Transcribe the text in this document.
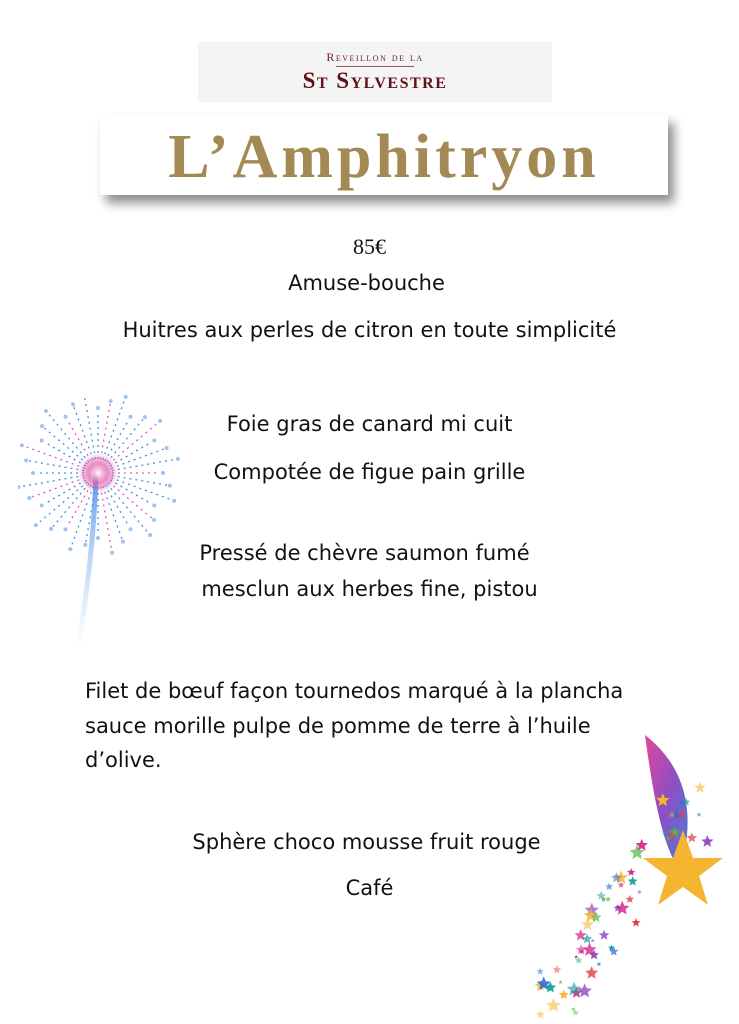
Reveillon de la
St Sylvestre
L’Amphitryon
85€
Amuse-bouche
Huitres aux perles de citron en toute simplicité
Foie gras de canard mi cuit
Compotée de figue pain grille
Pressé de chèvre saumon fumé
mesclun aux herbes fine, pistou
Filet de bœuf façon tournedos marqué à la plancha
sauce morille pulpe de pomme de terre à l’huile
d’olive.
Sphère choco mousse fruit rouge
Café
